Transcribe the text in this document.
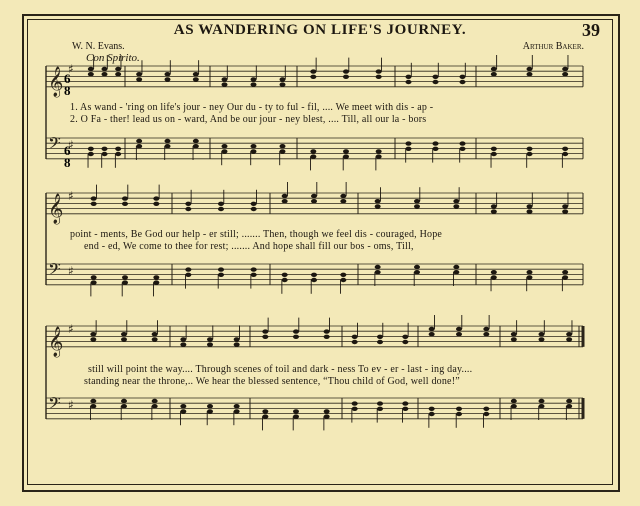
AS WANDERING ON LIFE'S JOURNEY.	39
W. N. Evans.
Con Spirito.
Arthur Baker.
𝄞 ♯
𝄢 ♯
𝄞 ♯
𝄢 ♯
𝄞 ♯
𝄢 ♯
6
8
6
8
1. As wand - 'ring on life's jour - ney Our du - ty to ful - fil, .... We meet with dis - ap -
2. O Fa - ther! lead us on - ward, And be our jour - ney blest, .... Till, all our la - bors
point - ments, Be God our help - er still; ....... Then, though we feel dis - couraged, Hope
end - ed, We come to thee for rest; ....... And hope shall fill our bos - oms, Till,
still will point the way.... Through scenes of toil and dark - ness To ev - er - last - ing day....
standing near the throne,.. We hear the blessed sentence, “Thou child of God, well done!”
